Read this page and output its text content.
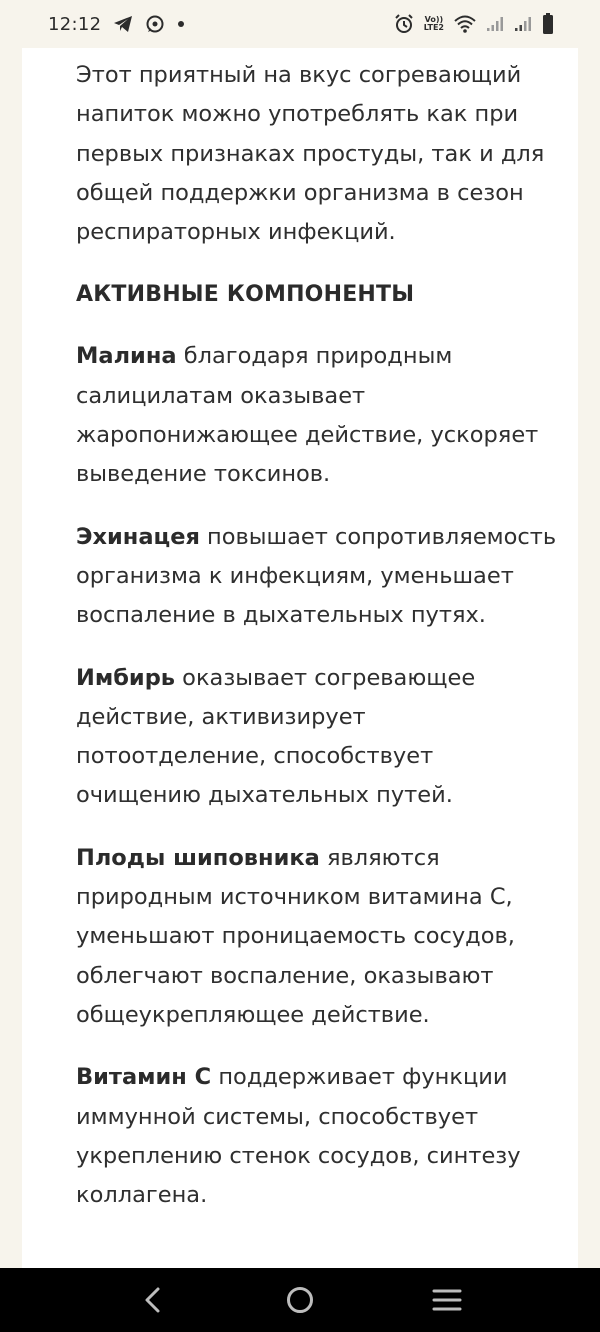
12:12	Vo))
LTE2

Этот приятный на вкус согревающий напиток можно употреблять как при первых признаках простуды, так и для общей поддержки организма в сезон респираторных инфекций.

АКТИВНЫЕ КОМПОНЕНТЫ

Малина благодаря природным салицилатам оказывает жаропонижающее действие, ускоряет выведение токсинов.

Эхинацея повышает сопротивляемость организма к инфекциям, уменьшает воспаление в дыхательных путях.

Имбирь оказывает согревающее действие, активизирует потоотделение, способствует очищению дыхательных путей.

Плоды шиповника являются природным источником витамина С, уменьшают проницаемость сосудов, облегчают воспаление, оказывают общеукрепляющее действие.

Витамин С поддерживает функции иммунной системы, способствует укреплению стенок сосудов, синтезу коллагена.
